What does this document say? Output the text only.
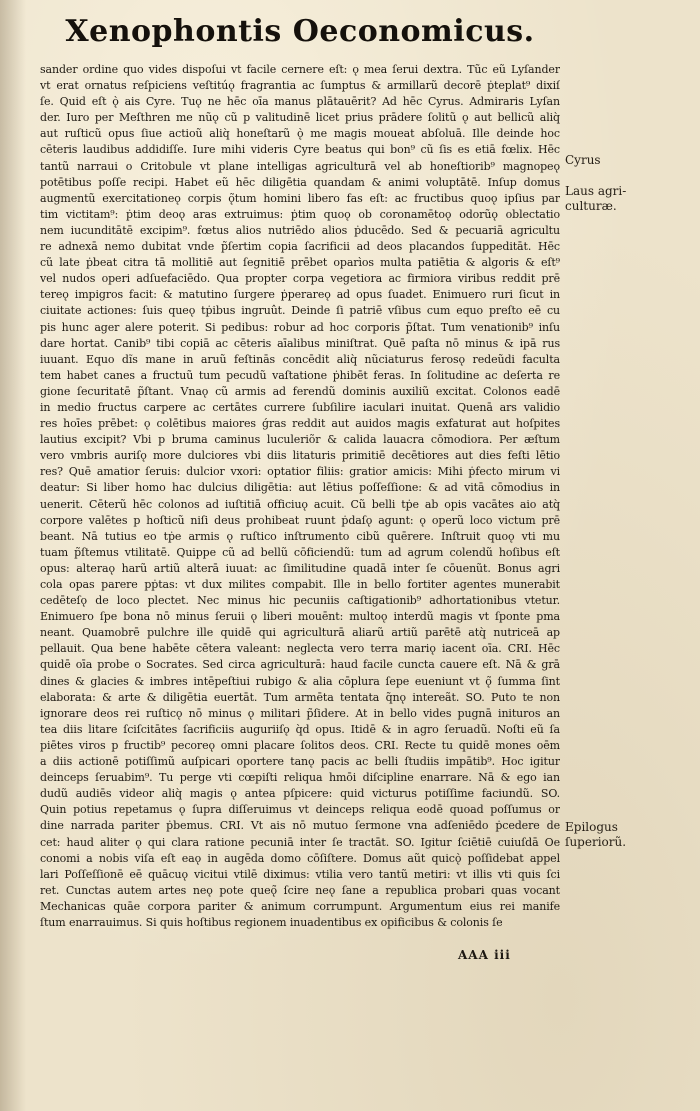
Xenophontis Oeconomicus.
sander ordine quo vides dispoſui vt facile cernere eſt: ǫ mea ſerui dextra. Tũc eũ Lyſander
vt erat ornatus reſpiciens veſtitúǫ fragrantia ac ſumptus & armillarũ decorē ṗteplat⁹ dixiſ
ſe. Quid eſt ǫ̀ ais Cyre. Tuǫ ne hēc oīa manus plātauērit? Ad hēc Cyrus. Admiraris Lyſan
der. Iuro per Meſthren me nũǫ cũ p valitudinē licet prius prādere ſolitũ ǫ aut bellicũ aliq̀
aut ruſticũ opus ſiue actioũ aliq̀ honeſtarũ ǫ̀ me magis moueat abſoluā. Ille deinde hoc
cēteris laudibus addidiſſe. Iure mihi videris Cyre beatus qui bon⁹ cũ ſis es etiā fœlix. Hēc
tantũ narraui o Critobule vt plane intelligas agriculturā vel ab honeſtiorib⁹ magnopeǫ
potētibus poſſe recipi. Habet eũ hēc diligētia quandam & animi voluptātē. Inſup domus
augmentũ exercitationeǫ corpis ǫ̃tum homini libero fas eſt: ac fructibus quoǫ ipſius par
tim victitam⁹: ṗtim deoǫ aras extruimus: ṗtim quoǫ ob coronamētoǫ odorũǫ oblectatio
nem iucunditātē excipim⁹. fœtus alios nutriēdo alios ṗducēdo. Sed & pecuariā agricultu
re adnexā nemo dubitat vnde p̃ſertim copia ſacrificii ad deos placandos ſuppeditāt. Hēc
cũ late ṗbeat citra tā mollitiē aut ſegnitiē prēbet oparìos multa patiētia & algoris & eſt⁹
vel nudos operi adſuefaciēdo. Qua propter corpa vegetiora ac firmiora viribus reddit prē
tereǫ impigros facit: & matutino ſurgere ṗperareǫ ad opus ſuadet. Enimuero ruri ſicut in
ciuitate actiones: ſuis queǫ tṗibus ingruût. Deinde ſi patriē vſibus cum equo preſto eē cu
pis hunc ager alere poterit. Si pedibus: robur ad hoc corporis p̃ſtat. Tum venationib⁹ inſu
dare hortat. Canib⁹ tibi copiā ac cēteris aīalibus miniſtrat. Quē paſta nō minus & ipā rus
iuuant. Equo dĩs mane in aruũ feſtinās concēdit aliq̀ nũciaturus ferosǫ redeũdi faculta
tem habet canes a fructuũ tum pecudũ vaſtatione ṗhibēt feras. In ſolitudine ac deſerta re
gione ſecuritatē p̃ſtant. Vnaǫ cũ armis ad ferendũ dominis auxiliũ excitat. Colonos eadē
in medio fructus carpere ac certātes currere ſubſilire iaculari inuitat. Quenā ars validio
res hoīes prēbet: ǫ colētibus maiores ǵras reddit aut auidos magis exfaturat aut hoſpites
lautius excipit? Vbi p bruma caminus luculeriõr & calida lauacra cōmodiora. Per æſtum
vero vmbris auriſǫ more dulciores vbi diis litaturis primitiē decētiores aut dies feſti lētio
res? Quē amatior ſeruis: dulcior vxori: optatior filiis: gratior amicis: Mihi ṗfecto mirum vi
deatur: Si liber homo hac dulcius diligētia: aut lētius poſſeſſione: & ad vitā cōmodius in
uenerit. Cēterũ hēc colonos ad iuſtitiā officiuǫ acuit. Cũ belli tṗe ab opis vacātes aio atq̀
corpore valētes p hoſticũ niſi deus prohibeat ruunt ṗdaſǫ agunt: ǫ operũ loco victum prē
beant. Nā tutius eo tṗe armis ǫ ruſtico inſtrumento cibũ quērere. Inſtruit quoǫ vti mu
tuam p̃ſtemus vtilitatē. Quippe cũ ad bellũ cōficiendũ: tum ad agrum colendũ hoſibus eſt
opus: alteraǫ harũ artiũ alterā iuuat: ac ſimilitudine quadā inter ſe cōuenũt. Bonus agri
cola opas parere pṗtas: vt dux milites compabit. Ille in bello fortiter agentes munerabit
cedēteſǫ de loco plectet. Nec minus hic pecuniis caſtigationib⁹ adhortationibus vtetur.
Enimuero ſpe bona nō minus ſeruii ǫ liberi mouēnt: multoǫ interdũ magis vt ſponte pma
neant. Quamobrē pulchre ille quidē qui agriculturā aliarũ artiũ parētē atq̀ nutriceā ap
pellauit. Qua bene habēte cētera valeant: neglecta vero terra mariǫ iacent oīa. CRI. Hēc
quidē oīa probe o Socrates. Sed circa agriculturā: haud facile cuncta cauere eſt. Nā & grā
dines & glacies & imbres intēpeſtiui rubigo & alia cōplura ſepe eueniunt vt ǫ̃ ſumma ſint
elaborata: & arte & diligētia euertāt. Tum armēta tentata q̃nǫ intereãt. SO. Puto te non
ignorare deos rei ruſticǫ nō minus ǫ militari p̃ſidere. At in bello vides pugnā inituros an
tea diis litare ſciſcitātes ſacrificiis auguriiſǫ q̀d opus. Itidē & in agro ſeruadũ. Noſti eũ ſa
piētes viros p fructib⁹ pecoreǫ omni placare ſolitos deos. CRI. Recte tu quidē mones oēm
a diis actionē potiſſimũ auſpicari oportere tanǫ pacis ac belli ſtudiis impātib⁹. Hoc igitur
deinceps ſeruabim⁹. Tu perge vti cœpiſti reliqua hmōi diſcipline enarrare. Nā & ego ian
dudũ audiēs videor aliq̀ magis ǫ antea pſpicere: quid victurus potiſſime faciundũ. SO.
Quin potius repetamus ǫ ſupra diſſeruimus vt deinceps reliqua eodē quoad poſſumus or
dine narrada pariter ṗbemus. CRI. Vt ais nō mutuo ſermone vna adſeniēdo ṗcedere de
cet: haud aliter ǫ qui clara ratione pecuniā inter ſe tractāt. SO. Igitur ſciētiē cuiuſdā Oe
conomi a nobis viſa eſt eaǫ in augēda domo cōſiſtere. Domus aũt quicǫ̀ poſſidebat appel
lari Poſſeſſionē eē quācuǫ vicitui vtilē diximus: vtilia vero tantũ metiri: vt illis vti quis ſci
ret. Cunctas autem artes neǫ pote queǫ̃ ſcire neǫ ſane a republica probari quas vocant
Mechanicas quāe corpora pariter & animum corrumpunt. Argumentum eius rei manife
ſtum enarrauimus. Si quis hoſtibus regionem inuadentibus ex opificibus & colonis ſe
Cyrus
Laus agri-
culturæ.
Epilogus
ſuperiorũ.
AAA iii
